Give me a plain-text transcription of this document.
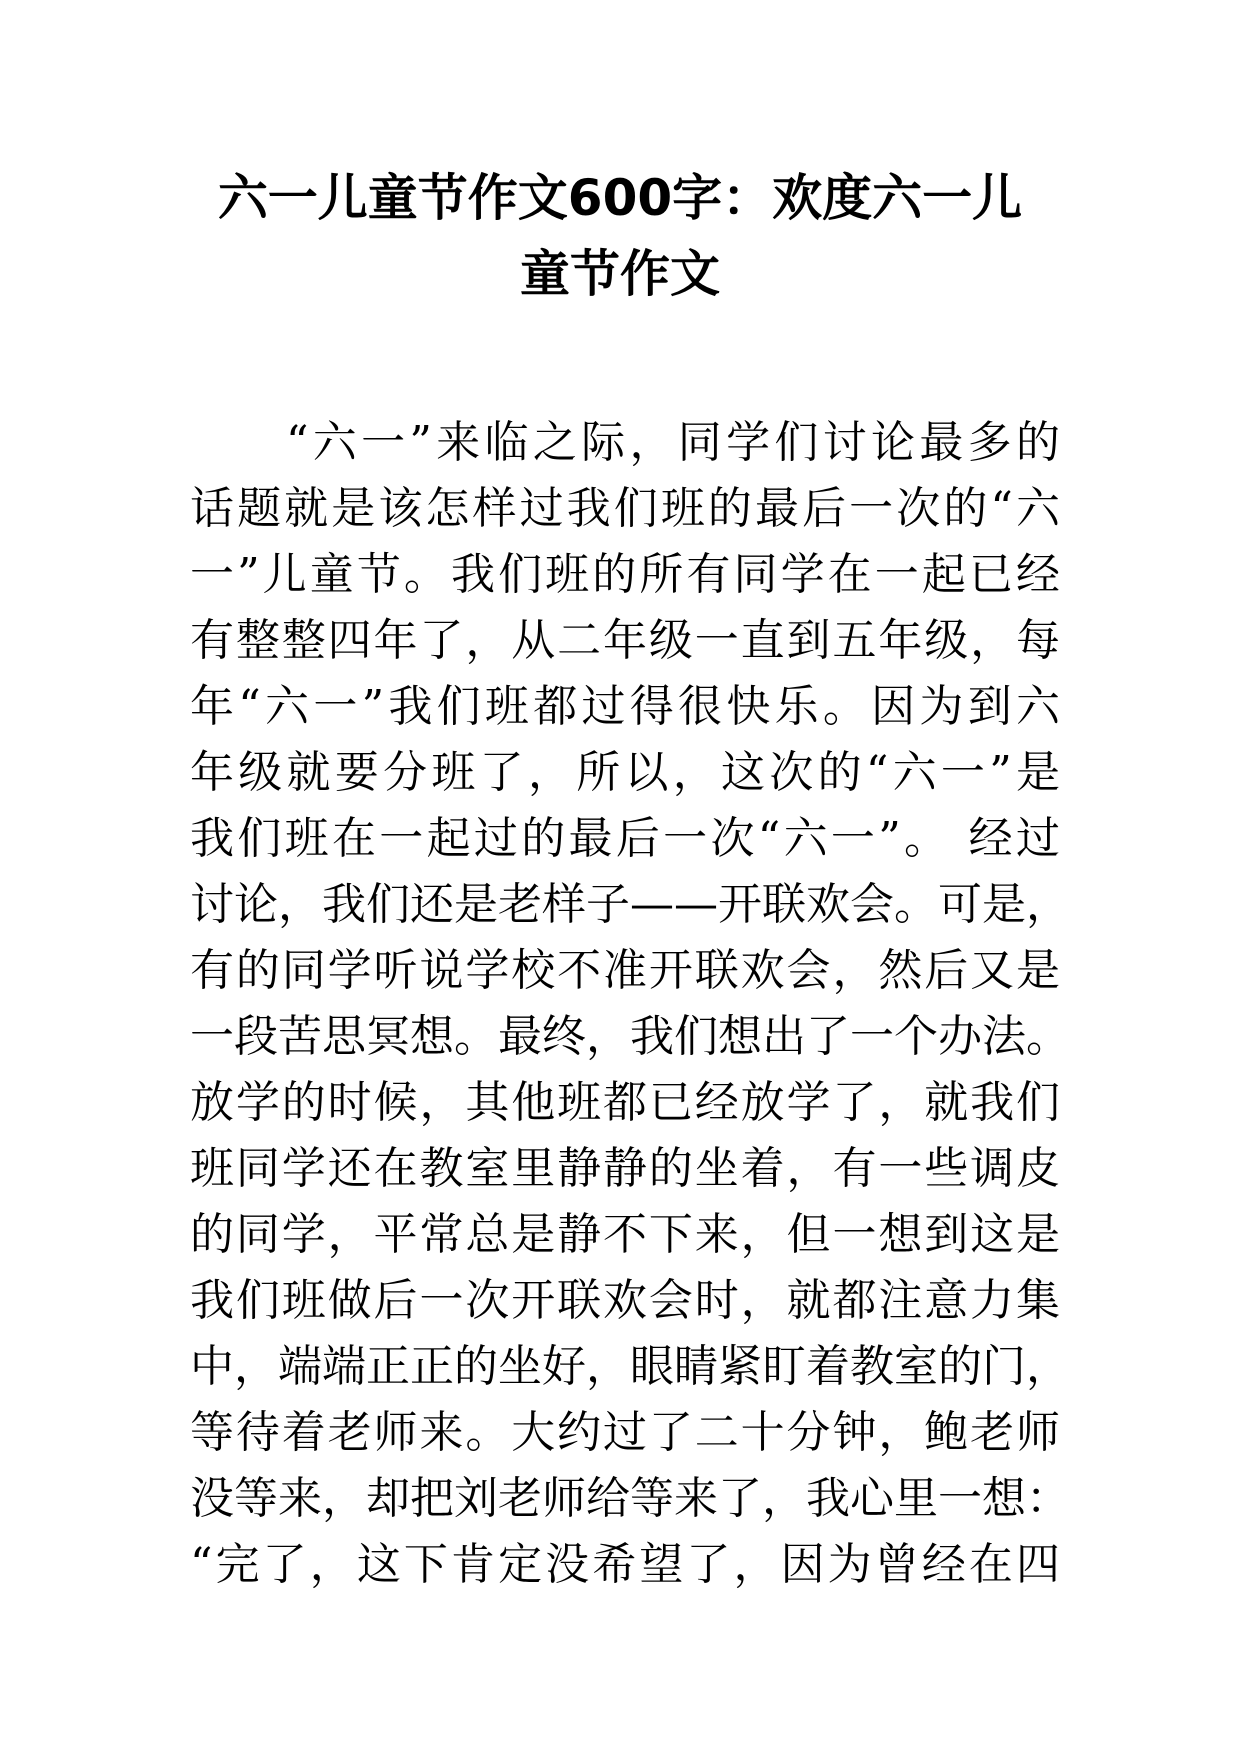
六一儿童节作文600字：欢度六一儿
童节作文
“六一”来临之际，同学们讨论最多的
话题就是该怎样过我们班的最后一次的“六
一”儿童节。我们班的所有同学在一起已经
有整整四年了，从二年级一直到五年级，每
年“六一”我们班都过得很快乐。因为到六
年级就要分班了，所以，这次的“六一”是
我们班在一起过的最后一次“六一”。 经过
讨论，我们还是老样子——开联欢会。可是，
有的同学听说学校不准开联欢会，然后又是
一段苦思冥想。最终，我们想出了一个办法。
放学的时候，其他班都已经放学了，就我们
班同学还在教室里静静的坐着，有一些调皮
的同学，平常总是静不下来，但一想到这是
我们班做后一次开联欢会时，就都注意力集
中，端端正正的坐好，眼睛紧盯着教室的门，
等待着老师来。大约过了二十分钟，鲍老师
没等来，却把刘老师给等来了，我心里一想：
“完了，这下肯定没希望了，因为曾经在四
